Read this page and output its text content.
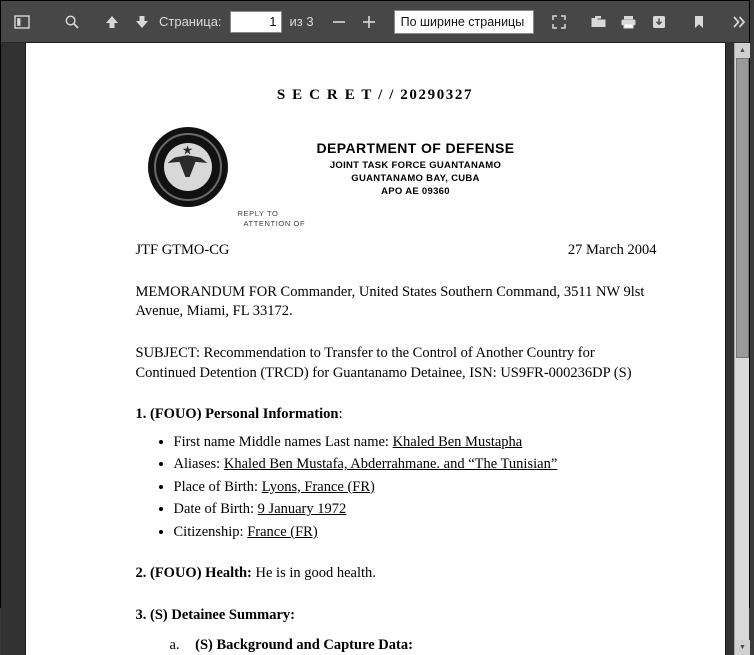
Страница:
1	из 3	По ширине страницы
S E C R E T / / 20290327
REPLY TO
ATTENTION OF
DEPARTMENT OF DEFENSE
JOINT TASK FORCE GUANTANAMO
GUANTANAMO BAY, CUBA
APO AE 09360
JTF GTMO-CG	27 March 2004
MEMORANDUM FOR Commander, United States Southern Command, 3511 NW 9lst Avenue, Miami, FL 33172.
SUBJECT: Recommendation to Transfer to the Control of Another Country for Continued Detention (TRCD) for Guantanamo Detainee, ISN: US9FR-000236DP (S)
1. (FOUO) Personal Information:
• First name Middle names Last name: Khaled Ben Mustapha
• Aliases: Khaled Ben Mustafa, Abderrahmane. and “The Tunisian”
• Place of Birth: Lyons, France (FR)
• Date of Birth: 9 January 1972
• Citizenship: France (FR)
2. (FOUO) Health: He is in good health.
3. (S) Detainee Summary:
a. (S) Background and Capture Data:
▲
▼
